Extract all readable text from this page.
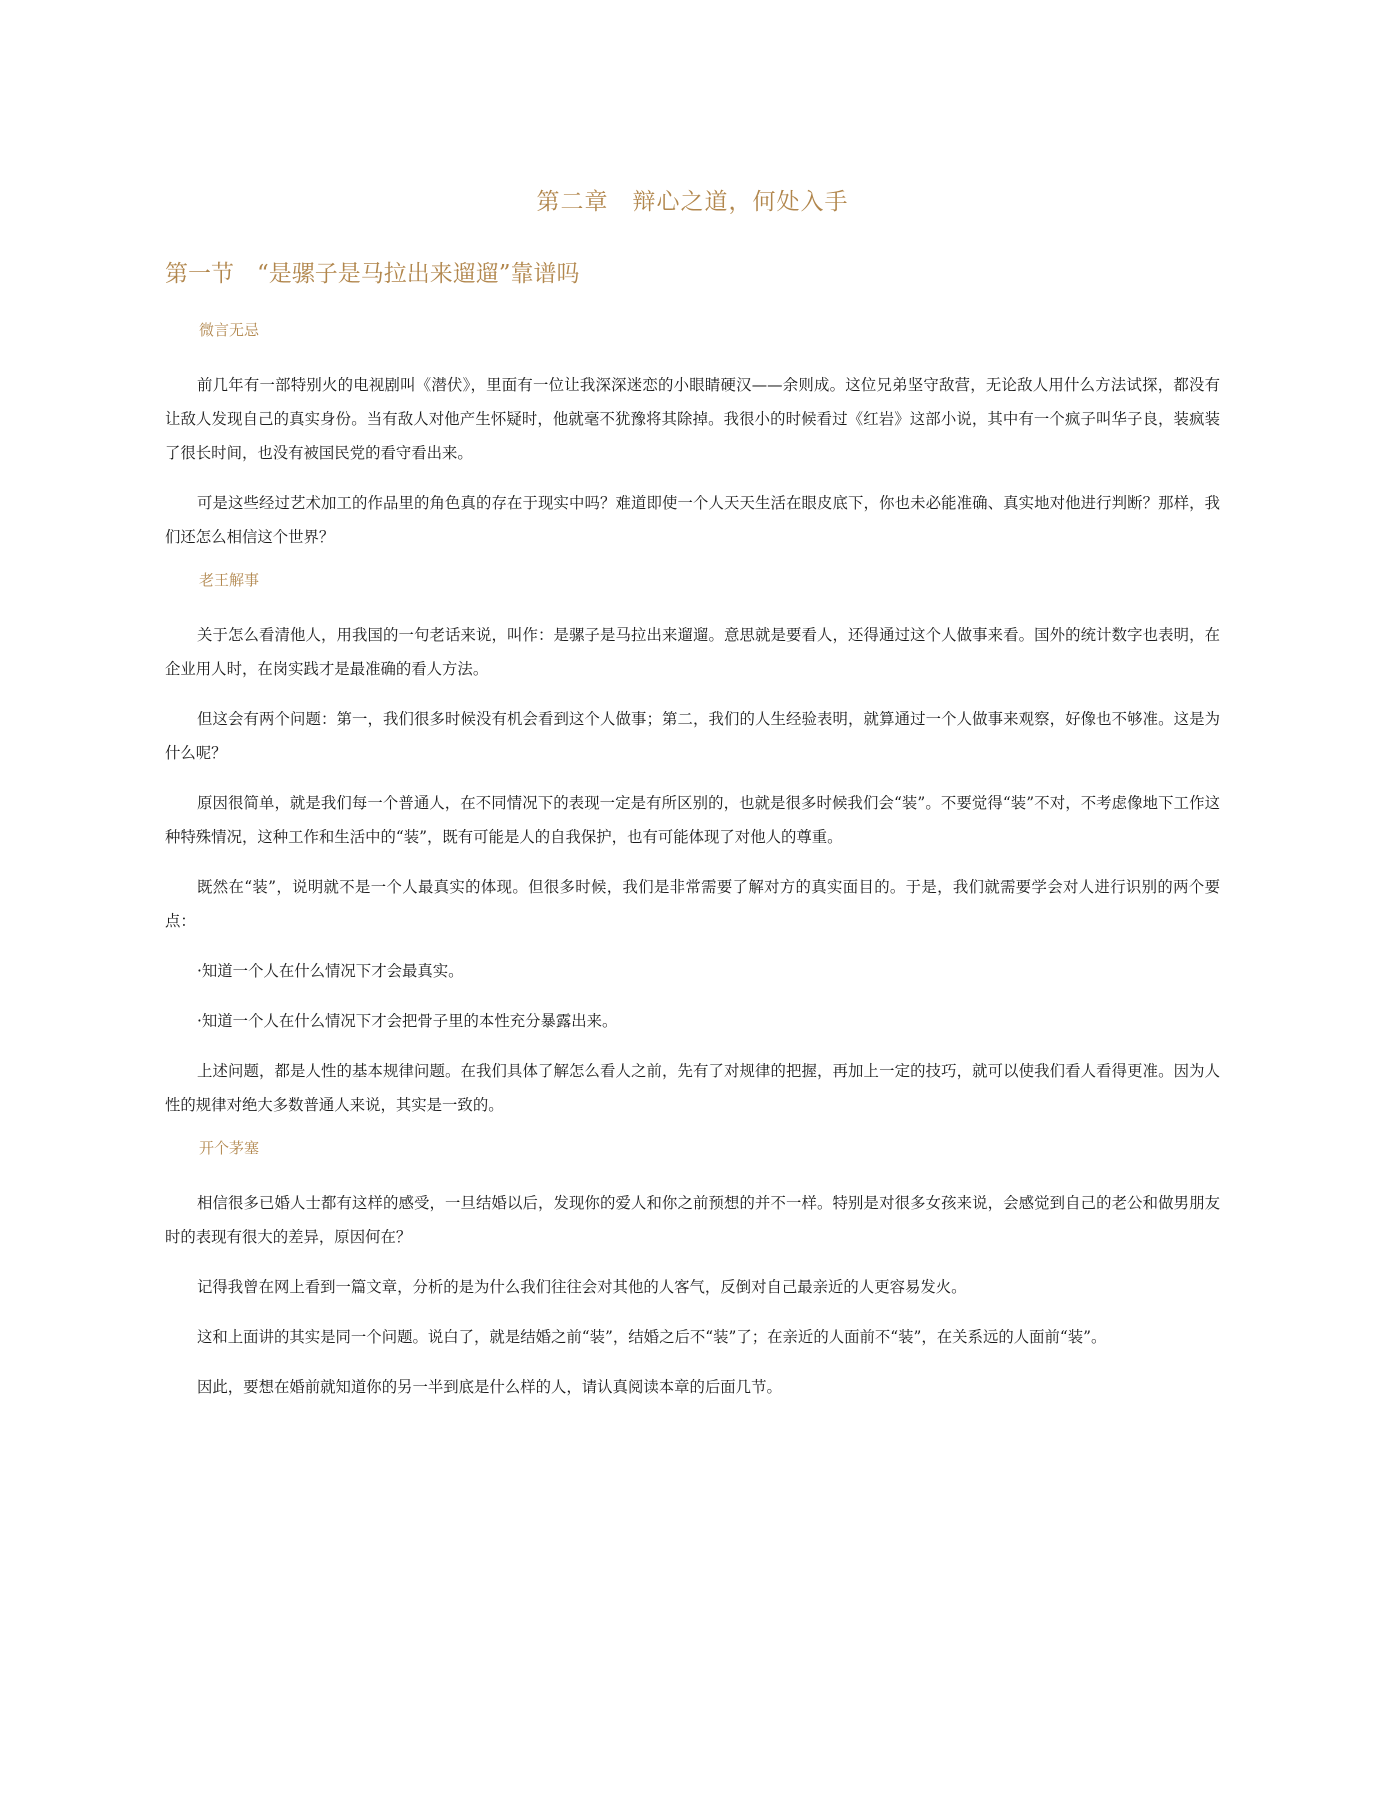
第二章　辩心之道，何处入手
第一节　“是骡子是马拉出来遛遛”靠谱吗
微言无忌

前几年有一部特别火的电视剧叫《潜伏》，里面有一位让我深深迷恋的小眼睛硬汉——余则成。这位兄弟坚守敌营，无论敌人用什么方法试探，都没有让敌人发现自己的真实身份。当有敌人对他产生怀疑时，他就毫不犹豫将其除掉。我很小的时候看过《红岩》这部小说，其中有一个疯子叫华子良，装疯装了很长时间，也没有被国民党的看守看出来。

可是这些经过艺术加工的作品里的角色真的存在于现实中吗？难道即使一个人天天生活在眼皮底下，你也未必能准确、真实地对他进行判断？那样，我们还怎么相信这个世界？

老王解事

关于怎么看清他人，用我国的一句老话来说，叫作：是骡子是马拉出来遛遛。意思就是要看人，还得通过这个人做事来看。国外的统计数字也表明，在企业用人时，在岗实践才是最准确的看人方法。

但这会有两个问题：第一，我们很多时候没有机会看到这个人做事；第二，我们的人生经验表明，就算通过一个人做事来观察，好像也不够准。这是为什么呢？

原因很简单，就是我们每一个普通人，在不同情况下的表现一定是有所区别的，也就是很多时候我们会“装”。不要觉得“装”不对，不考虑像地下工作这种特殊情况，这种工作和生活中的“装”，既有可能是人的自我保护，也有可能体现了对他人的尊重。

既然在“装”，说明就不是一个人最真实的体现。但很多时候，我们是非常需要了解对方的真实面目的。于是，我们就需要学会对人进行识别的两个要点：

·知道一个人在什么情况下才会最真实。

·知道一个人在什么情况下才会把骨子里的本性充分暴露出来。

上述问题，都是人性的基本规律问题。在我们具体了解怎么看人之前，先有了对规律的把握，再加上一定的技巧，就可以使我们看人看得更准。因为人性的规律对绝大多数普通人来说，其实是一致的。

开个茅塞

相信很多已婚人士都有这样的感受，一旦结婚以后，发现你的爱人和你之前预想的并不一样。特别是对很多女孩来说，会感觉到自己的老公和做男朋友时的表现有很大的差异，原因何在？

记得我曾在网上看到一篇文章，分析的是为什么我们往往会对其他的人客气，反倒对自己最亲近的人更容易发火。

这和上面讲的其实是同一个问题。说白了，就是结婚之前“装”，结婚之后不“装”了；在亲近的人面前不“装”，在关系远的人面前“装”。

因此，要想在婚前就知道你的另一半到底是什么样的人，请认真阅读本章的后面几节。
